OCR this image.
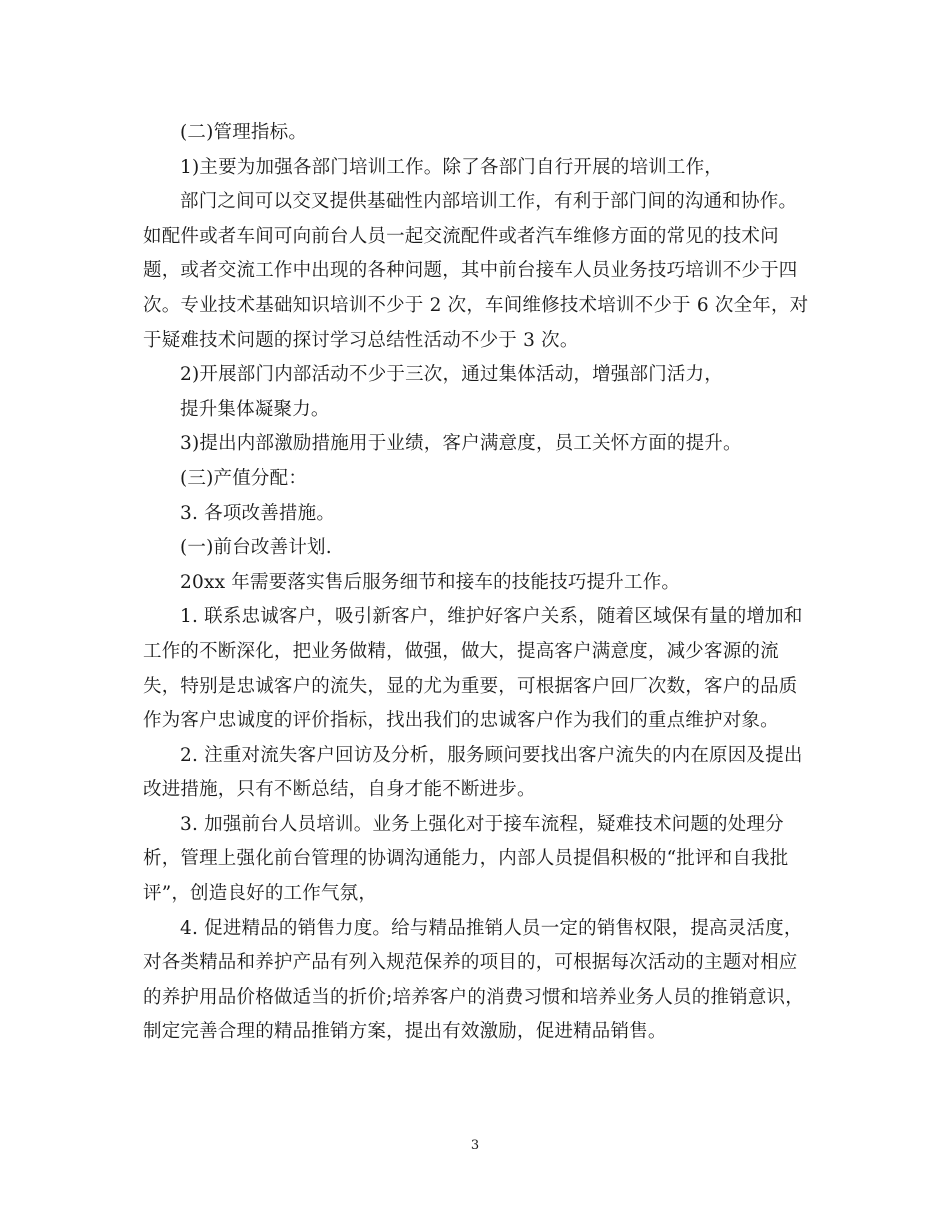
(二)管理指标。
1)主要为加强各部门培训工作。除了各部门自行开展的培训工作，
部门之间可以交叉提供基础性内部培训工作，有利于部门间的沟通和协作。
如配件或者车间可向前台人员一起交流配件或者汽车维修方面的常见的技术问
题，或者交流工作中出现的各种问题，其中前台接车人员业务技巧培训不少于四
次。专业技术基础知识培训不少于 2 次，车间维修技术培训不少于 6 次全年，对
于疑难技术问题的探讨学习总结性活动不少于 3 次。
2)开展部门内部活动不少于三次，通过集体活动，增强部门活力，
提升集体凝聚力。
3)提出内部激励措施用于业绩，客户满意度，员工关怀方面的提升。
(三)产值分配：
3. 各项改善措施。
(一)前台改善计划.
20xx 年需要落实售后服务细节和接车的技能技巧提升工作。
1. 联系忠诚客户，吸引新客户，维护好客户关系，随着区域保有量的增加和
工作的不断深化，把业务做精，做强，做大，提高客户满意度，减少客源的流
失，特别是忠诚客户的流失，显的尤为重要，可根据客户回厂次数，客户的品质
作为客户忠诚度的评价指标，找出我们的忠诚客户作为我们的重点维护对象。
2. 注重对流失客户回访及分析，服务顾问要找出客户流失的内在原因及提出
改进措施，只有不断总结，自身才能不断进步。
3. 加强前台人员培训。业务上强化对于接车流程，疑难技术问题的处理分
析，管理上强化前台管理的协调沟通能力，内部人员提倡积极的“批评和自我批
评”，创造良好的工作气氛，
4. 促进精品的销售力度。给与精品推销人员一定的销售权限，提高灵活度，
对各类精品和养护产品有列入规范保养的项目的，可根据每次活动的主题对相应
的养护用品价格做适当的折价;培养客户的消费习惯和培养业务人员的推销意识，
制定完善合理的精品推销方案，提出有效激励，促进精品销售。
3
